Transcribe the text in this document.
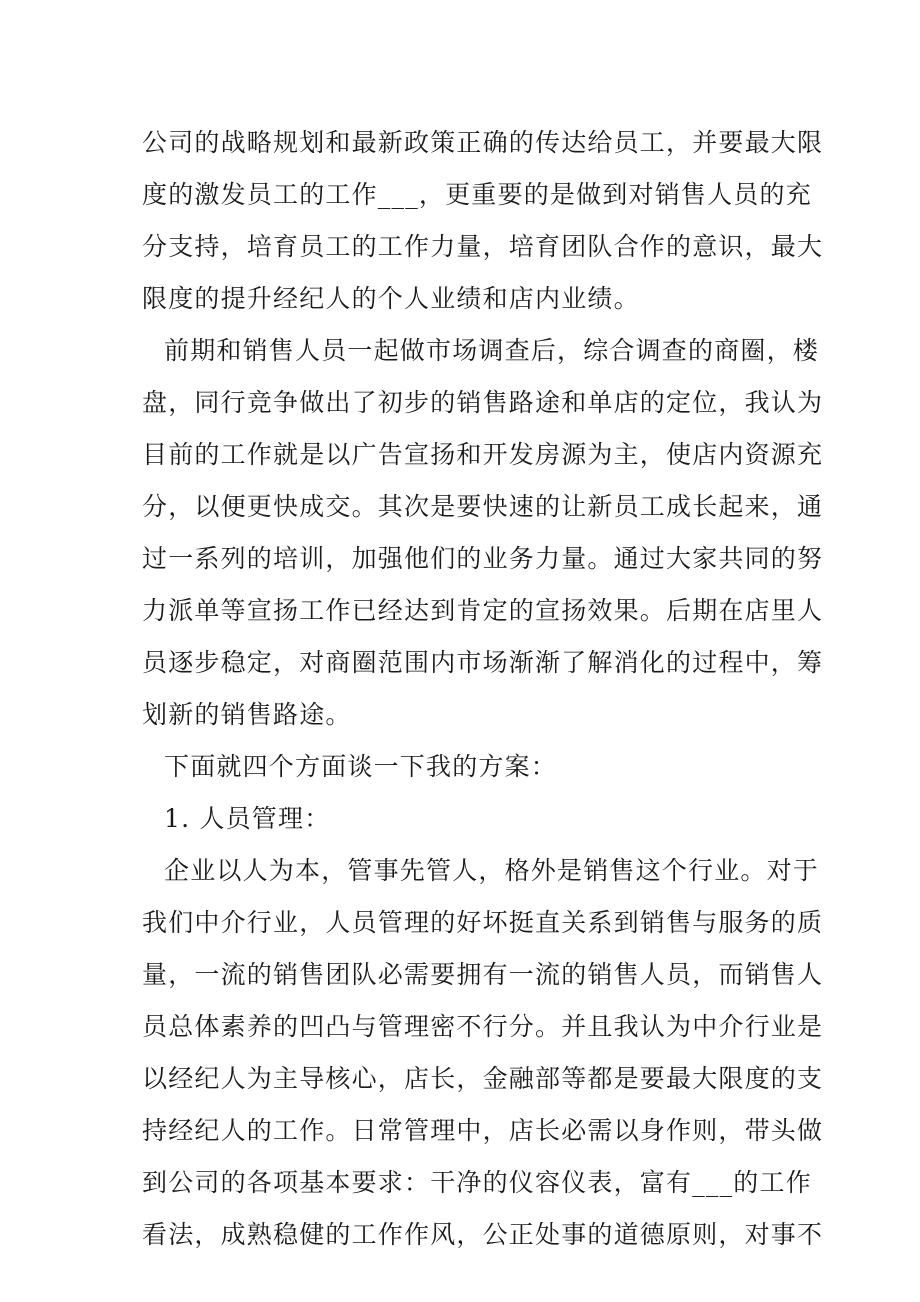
公司的战略规划和最新政策正确的传达给员工，并要最大限
度的激发员工的工作___，更重要的是做到对销售人员的充
分支持，培育员工的工作力量，培育团队合作的意识，最大
限度的提升经纪人的个人业绩和店内业绩。
前期和销售人员一起做市场调查后，综合调查的商圈，楼
盘，同行竞争做出了初步的销售路途和单店的定位，我认为
目前的工作就是以广告宣扬和开发房源为主，使店内资源充
分，以便更快成交。其次是要快速的让新员工成长起来，通
过一系列的培训，加强他们的业务力量。通过大家共同的努
力派单等宣扬工作已经达到肯定的宣扬效果。后期在店里人
员逐步稳定，对商圈范围内市场渐渐了解消化的过程中，筹
划新的销售路途。
下面就四个方面谈一下我的方案：
1. 人员管理：
企业以人为本，管事先管人，格外是销售这个行业。对于
我们中介行业，人员管理的好坏挺直关系到销售与服务的质
量，一流的销售团队必需要拥有一流的销售人员，而销售人
员总体素养的凹凸与管理密不行分。并且我认为中介行业是
以经纪人为主导核心，店长，金融部等都是要最大限度的支
持经纪人的工作。日常管理中，店长必需以身作则，带头做
到公司的各项基本要求：干净的仪容仪表，富有___的工作
看法，成熟稳健的工作作风，公正处事的道德原则，对事不
